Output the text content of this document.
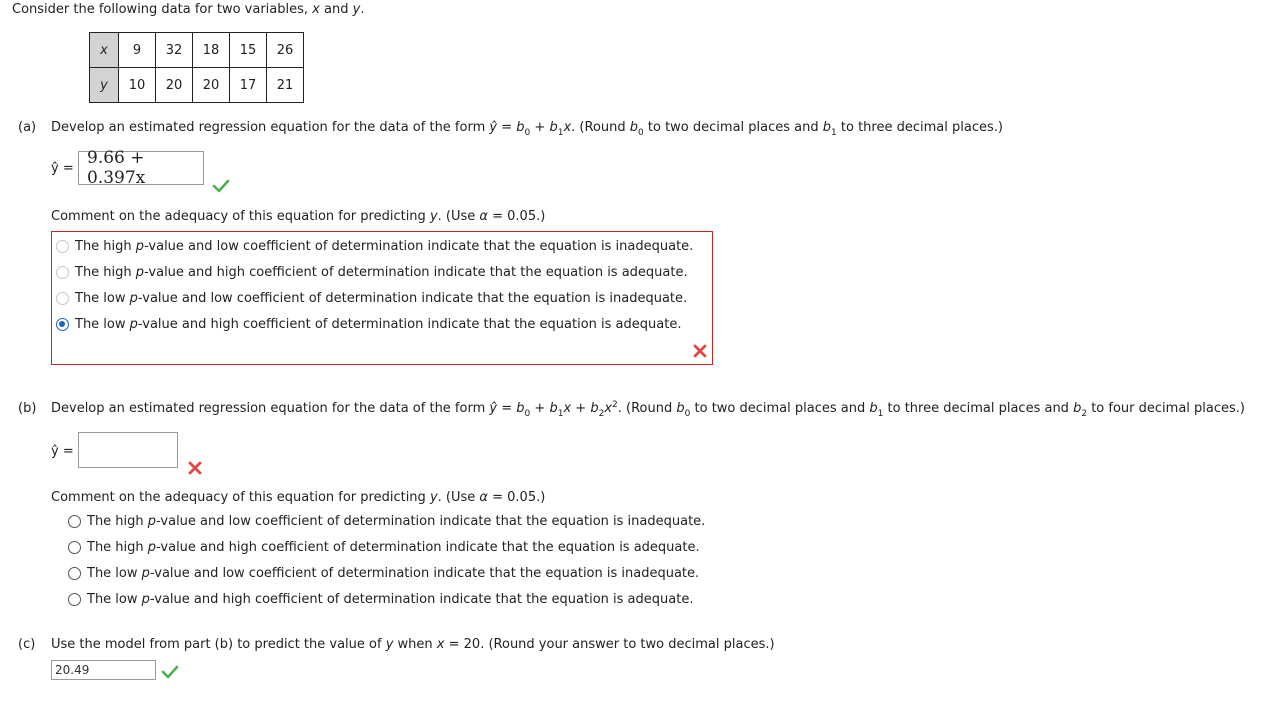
Consider the following data for two variables, x and y.
x	9	32	18	15	26
y	10	20	20	17	21
(a) Develop an estimated regression equation for the data of the form ŷ = $b_0 + b_1x$. (Round $b_0$ to two decimal places and $b_1$ to three decimal places.)
ŷ =
9.66 + 0.397x
Comment on the adequacy of this equation for predicting y. (Use α = 0.05.)
The high p-value and low coefficient of determination indicate that the equation is inadequate.
The high p-value and high coefficient of determination indicate that the equation is adequate.
The low p-value and low coefficient of determination indicate that the equation is inadequate.
The low p-value and high coefficient of determination indicate that the equation is adequate.
(b) Develop an estimated regression equation for the data of the form ŷ = $b_0 + b_1x + b_2x^2$. (Round $b_0$ to two decimal places and $b_1$ to three decimal places and $b_2$ to four decimal places.)
ŷ =
Comment on the adequacy of this equation for predicting y. (Use α = 0.05.)
The high p-value and low coefficient of determination indicate that the equation is inadequate.
The high p-value and high coefficient of determination indicate that the equation is adequate.
The low p-value and low coefficient of determination indicate that the equation is inadequate.
The low p-value and high coefficient of determination indicate that the equation is adequate.
(c) Use the model from part (b) to predict the value of y when x = 20. (Round your answer to two decimal places.)
20.49
